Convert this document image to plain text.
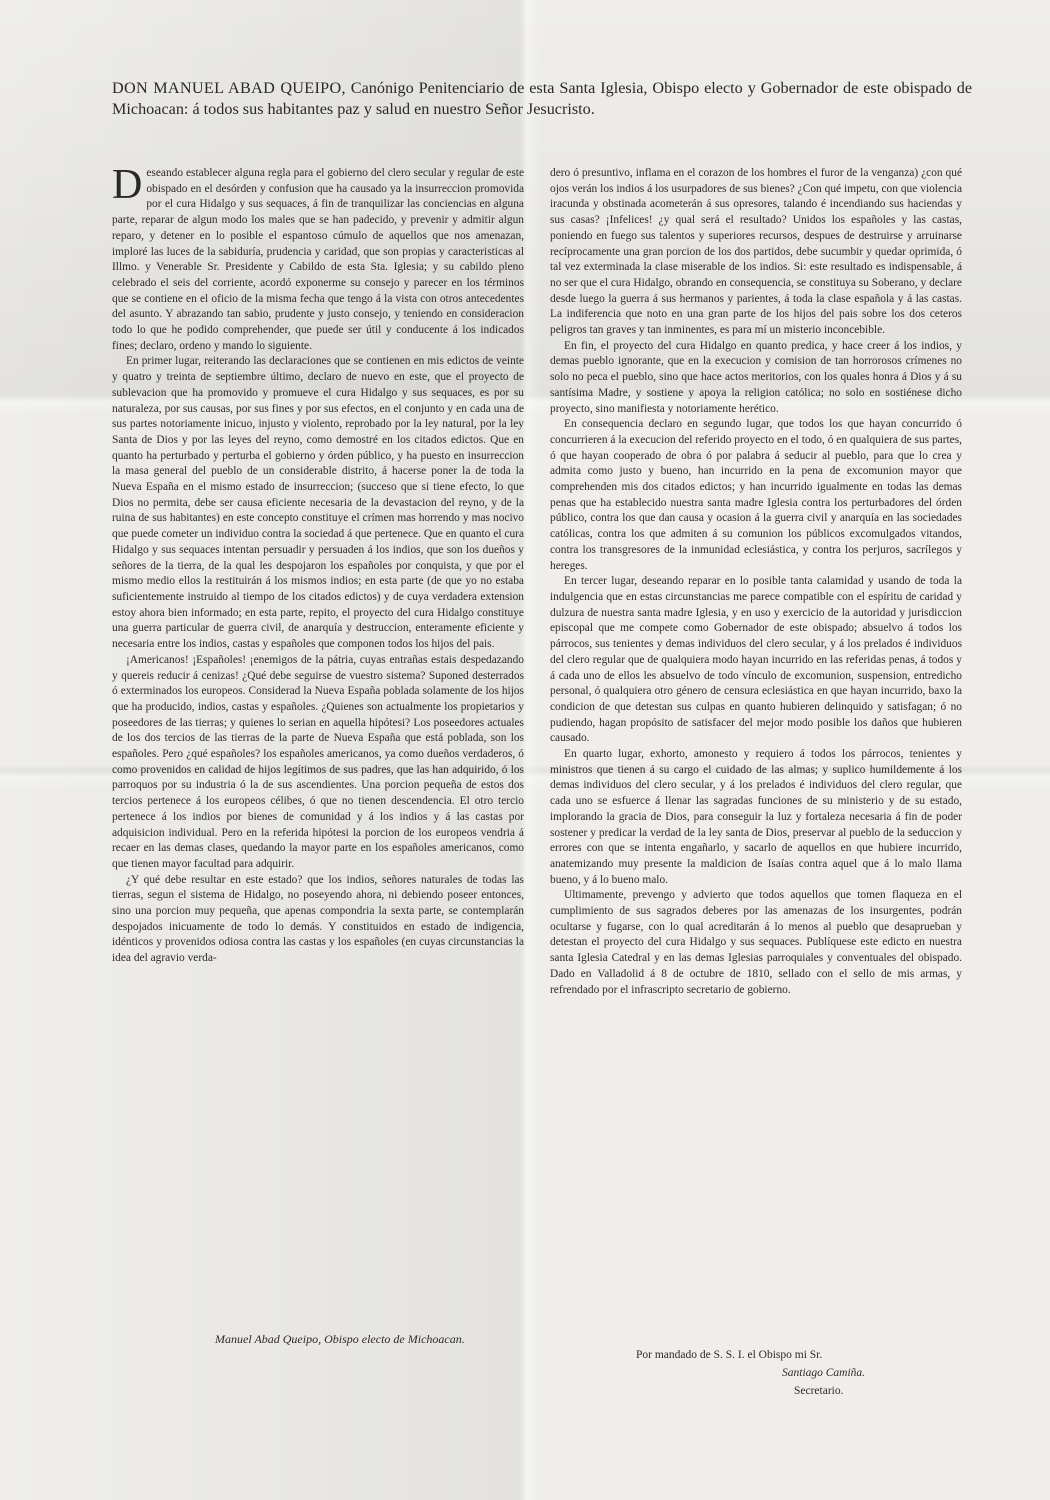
DON MANUEL ABAD QUEIPO, Canónigo Penitenciario de esta Santa Iglesia, Obispo electo y Gobernador de este obispado de Michoacan: á todos sus habitantes paz y salud en nuestro Señor Jesucristo.

Deseando establecer alguna regla para el gobierno del clero secular y regular de este obispado en el desórden y confusion que ha causado ya la insurreccion promovida por el cura Hidalgo y sus sequaces, á fin de tranquilizar las conciencias en alguna parte, reparar de algun modo los males que se han padecido, y prevenir y admitir algun reparo, y detener en lo posible el espantoso cúmulo de aquellos que nos amenazan, imploré las luces de la sabiduría, prudencia y caridad, que son propias y caracteristicas al Illmo. y Venerable Sr. Presidente y Cabildo de esta Sta. Iglesia; y su cabildo pleno celebrado el seis del corriente, acordó exponerme su consejo y parecer en los términos que se contiene en el oficio de la misma fecha que tengo á la vista con otros antecedentes del asunto. Y abrazando tan sabio, prudente y justo consejo, y teniendo en consideracion todo lo que he podido comprehender, que puede ser útil y conducente á los indicados fines; declaro, ordeno y mando lo siguiente.

En primer lugar, reiterando las declaraciones que se contienen en mis edictos de veinte y quatro y treinta de septiembre último, declaro de nuevo en este, que el proyecto de sublevacion que ha promovido y promueve el cura Hidalgo y sus sequaces, es por su naturaleza, por sus causas, por sus fines y por sus efectos, en el conjunto y en cada una de sus partes notoriamente inicuo, injusto y violento, reprobado por la ley natural, por la ley Santa de Dios y por las leyes del reyno, como demostré en los citados edictos. Que en quanto ha perturbado y perturba el gobierno y órden público, y ha puesto en insurreccion la masa general del pueblo de un considerable distrito, á hacerse poner la de toda la Nueva España en el mismo estado de insurreccion; (succeso que si tiene efecto, lo que Dios no permita, debe ser causa eficiente necesaria de la devastacion del reyno, y de la ruina de sus habitantes) en este concepto constituye el crímen mas horrendo y mas nocivo que puede cometer un individuo contra la sociedad á que pertenece. Que en quanto el cura Hidalgo y sus sequaces intentan persuadir y persuaden á los indios, que son los dueños y señores de la tierra, de la qual les despojaron los españoles por conquista, y que por el mismo medio ellos la restituirán á los mismos indios; en esta parte (de que yo no estaba suficientemente instruido al tiempo de los citados edictos) y de cuya verdadera extension estoy ahora bien informado; en esta parte, repito, el proyecto del cura Hidalgo constituye una guerra particular de guerra civil, de anarquía y destruccion, enteramente eficiente y necesaria entre los indios, castas y españoles que componen todos los hijos del pais.

¡Americanos! ¡Españoles! ¡enemigos de la pátria, cuyas entrañas estais despedazando y quereis reducir á cenizas! ¿Qué debe seguirse de vuestro sistema? Suponed desterrados ó exterminados los europeos. Considerad la Nueva España poblada solamente de los hijos que ha producido, indios, castas y españoles. ¿Quienes son actualmente los propietarios y poseedores de las tierras; y quienes lo serian en aquella hipótesi? Los poseedores actuales de los dos tercios de las tierras de la parte de Nueva España que está poblada, son los españoles. Pero ¿qué españoles? los españoles americanos, ya como dueños verdaderos, ó como provenidos en calidad de hijos legítimos de sus padres, que las han adquirido, ó los parroquos por su industria ó la de sus ascendientes. Una porcion pequeña de estos dos tercios pertenece á los europeos célibes, ó que no tienen descendencia. El otro tercio pertenece á los indios por bienes de comunidad y á los indios y á las castas por adquisicion individual. Pero en la referida hipótesi la porcion de los europeos vendria á recaer en las demas clases, quedando la mayor parte en los españoles americanos, como que tienen mayor facultad para adquirir.

¿Y qué debe resultar en este estado? que los indios, señores naturales de todas las tierras, segun el sistema de Hidalgo, no poseyendo ahora, ni debiendo poseer entonces, sino una porcion muy pequeña, que apenas compondria la sexta parte, se contemplarán despojados inicuamente de todo lo demás. Y constituidos en estado de indigencia, idénticos y provenidos odiosa contra las castas y los españoles (en cuyas circunstancias la idea del agravio verda-

dero ó presuntivo, inflama en el corazon de los hombres el furor de la venganza) ¿con qué ojos verán los indios á los usurpadores de sus bienes? ¿Con qué impetu, con que violencia iracunda y obstinada acometerán á sus opresores, talando é incendiando sus haciendas y sus casas? ¡Infelices! ¿y qual será el resultado? Unidos los españoles y las castas, poniendo en fuego sus talentos y superiores recursos, despues de destruirse y arruinarse recíprocamente una gran porcion de los dos partidos, debe sucumbir y quedar oprimida, ó tal vez exterminada la clase miserable de los indios. Si: este resultado es indispensable, á no ser que el cura Hidalgo, obrando en consequencia, se constituya su Soberano, y declare desde luego la guerra á sus hermanos y parientes, á toda la clase española y á las castas. La indiferencia que noto en una gran parte de los hijos del pais sobre los dos ceteros peligros tan graves y tan inminentes, es para mí un misterio inconcebible.

En fin, el proyecto del cura Hidalgo en quanto predica, y hace creer á los indios, y demas pueblo ignorante, que en la execucion y comision de tan horrorosos crímenes no solo no peca el pueblo, sino que hace actos meritorios, con los quales honra á Dios y á su santísima Madre, y sostiene y apoya la religion católica; no solo en sostiénese dicho proyecto, sino manifiesta y notoriamente herético.

En consequencia declaro en segundo lugar, que todos los que hayan concurrido ó concurrieren á la execucion del referido proyecto en el todo, ó en qualquiera de sus partes, ó que hayan cooperado de obra ó por palabra á seducir al pueblo, para que lo crea y admita como justo y bueno, han incurrido en la pena de excomunion mayor que comprehenden mis dos citados edictos; y han incurrido igualmente en todas las demas penas que ha establecido nuestra santa madre Iglesia contra los perturbadores del órden público, contra los que dan causa y ocasion á la guerra civil y anarquía en las sociedades católicas, contra los que admiten á su comunion los públicos excomulgados vitandos, contra los transgresores de la inmunidad eclesiástica, y contra los perjuros, sacrílegos y hereges.

En tercer lugar, deseando reparar en lo posible tanta calamidad y usando de toda la indulgencia que en estas circunstancias me parece compatible con el espíritu de caridad y dulzura de nuestra santa madre Iglesia, y en uso y exercicio de la autoridad y jurisdiccion episcopal que me compete como Gobernador de este obispado; absuelvo á todos los párrocos, sus tenientes y demas individuos del clero secular, y á los prelados é individuos del clero regular que de qualquiera modo hayan incurrido en las referidas penas, á todos y á cada uno de ellos les absuelvo de todo vínculo de excomunion, suspension, entredicho personal, ó qualquiera otro género de censura eclesiástica en que hayan incurrido, baxo la condicion de que detestan sus culpas en quanto hubieren delinquido y satisfagan; ó no pudiendo, hagan propósito de satisfacer del mejor modo posible los daños que hubieren causado.

En quarto lugar, exhorto, amonesto y requiero á todos los párrocos, tenientes y ministros que tienen á su cargo el cuidado de las almas; y suplico humildemente á los demas individuos del clero secular, y á los prelados é individuos del clero regular, que cada uno se esfuerce á llenar las sagradas funciones de su ministerio y de su estado, implorando la gracia de Dios, para conseguir la luz y fortaleza necesaria á fin de poder sostener y predicar la verdad de la ley santa de Dios, preservar al pueblo de la seduccion y errores con que se intenta engañarlo, y sacarlo de aquellos en que hubiere incurrido, anatemizando muy presente la maldicion de Isaías contra aquel que á lo malo llama bueno, y á lo bueno malo.

Ultimamente, prevengo y advierto que todos aquellos que tomen flaqueza en el cumplimiento de sus sagrados deberes por las amenazas de los insurgentes, podrán ocultarse y fugarse, con lo qual acreditarán á lo menos al pueblo que desaprueban y detestan el proyecto del cura Hidalgo y sus sequaces. Publíquese este edicto en nuestra santa Iglesia Catedral y en las demas Iglesias parroquiales y conventuales del obispado. Dado en Valladolid á 8 de octubre de 1810, sellado con el sello de mis armas, y refrendado por el infrascripto secretario de gobierno.

Manuel Abad Queipo, Obispo electo de Michoacan.
Por mandado de S. S. I. el Obispo mi Sr.
Santiago Camiña.
Secretario.
